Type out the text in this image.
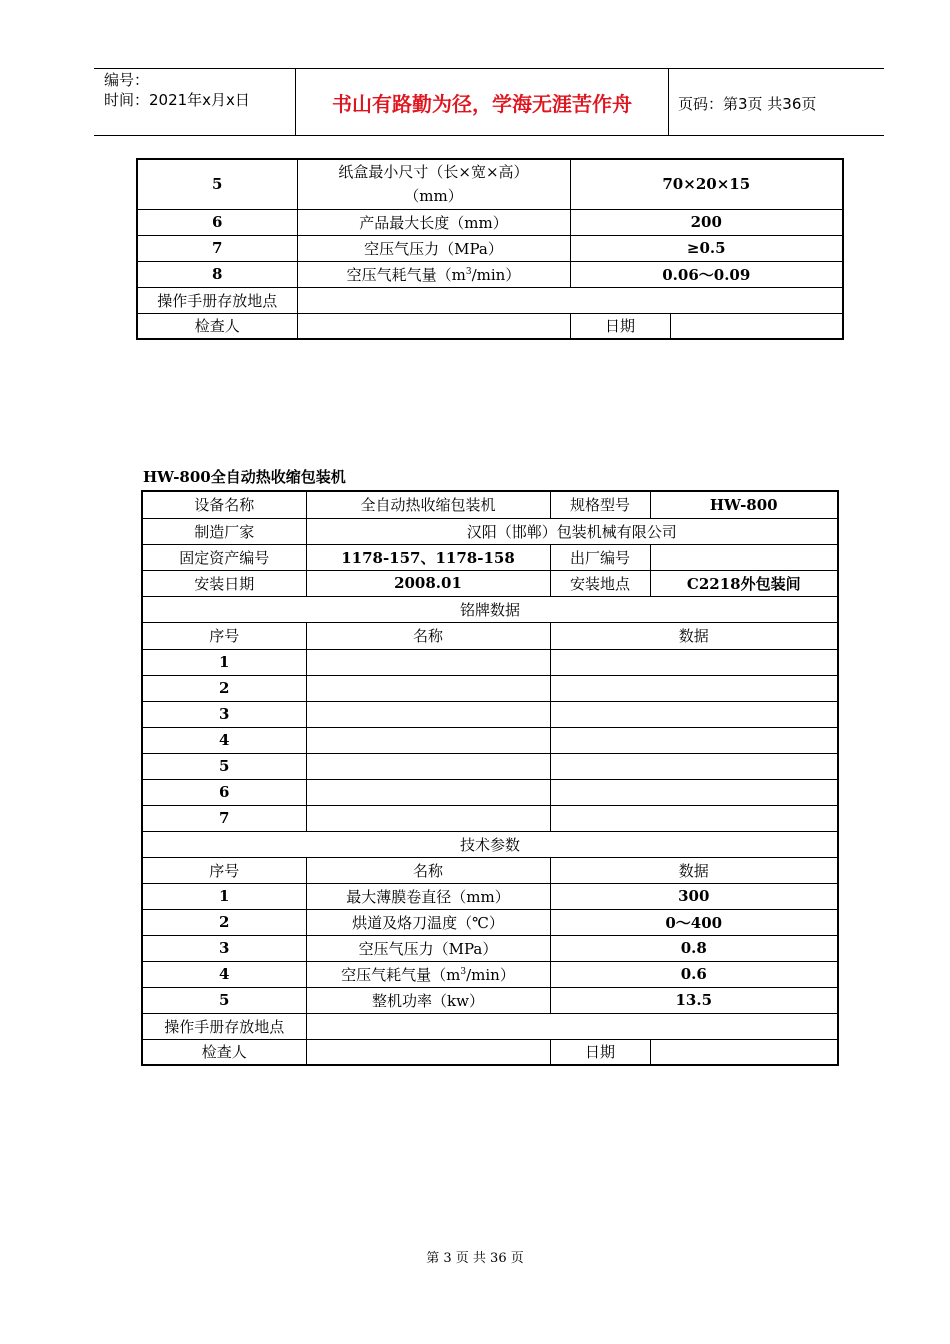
编号：
时间：2021年x月x日	书山有路勤为径，学海无涯苦作舟	页码：第3页 共36页
5	纸盒最小尺寸（长×宽×高）
（mm）	70×20×15	
6	产品最大长度（mm）	200	
7	空压气压力（MPa）	≥0.5	
8	空压气耗气量$(m^3/\min)$	0.06～0.09	
操作手册存放地点			
检查人		日期	
HW-800全自动热收缩包装机
设备名称	全自动热收缩包装机	规格型号	HW-800
制造厂家	汉阳（邯郸）包装机械有限公司		
固定资产编号	1178-157、1178-158	出厂编号	
安装日期	2008.01	安装地点	C2218外包装间
铭牌数据			
序号	名称	数据	
1			
2			
3			
4			
5			
6			
7			
技术参数			
序号	名称	数据	
1	最大薄膜卷直径（mm）	300	
2	烘道及烙刀温度（℃）	0～400	
3	空压气压力（MPa）	0.8	
4	空压气耗气量$(m^3/\min)$	0.6	
5	整机功率（kw）	13.5	
操作手册存放地点			
检查人		日期	
第 3 页 共 36 页
